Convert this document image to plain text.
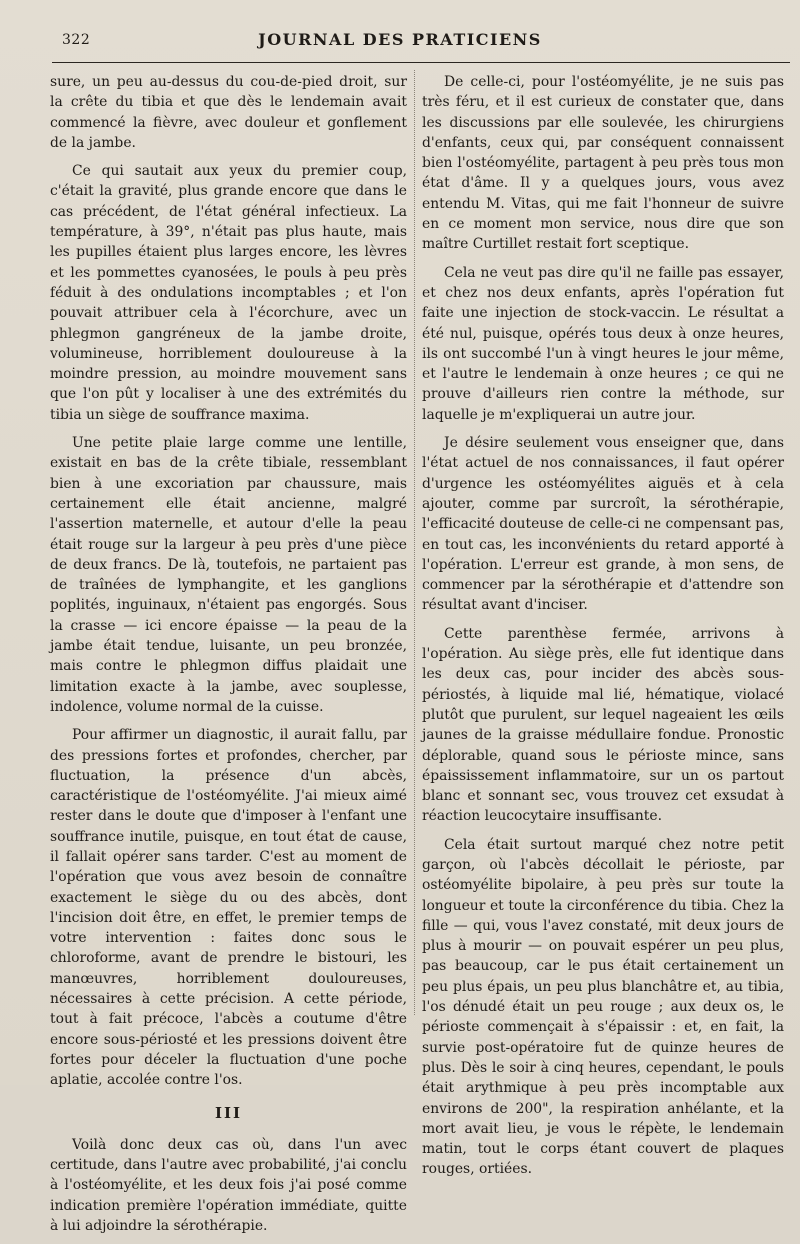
322	JOURNAL DES PRATICIENS

sure, un peu au-dessus du cou-de-pied droit, sur la crête du tibia et que dès le lendemain avait commencé la fièvre, avec douleur et gonflement de la jambe.

Ce qui sautait aux yeux du premier coup, c'était la gravité, plus grande encore que dans le cas précédent, de l'état général infectieux. La température, à 39°, n'était pas plus haute, mais les pupilles étaient plus larges encore, les lèvres et les pommettes cyanosées, le pouls à peu près féduit à des ondulations incomptables ; et l'on pouvait attribuer cela à l'écorchure, avec un phlegmon gangréneux de la jambe droite, volumineuse, horriblement douloureuse à la moindre pression, au moindre mouvement sans que l'on pût y localiser à une des extrémités du tibia un siège de souffrance maxima.

Une petite plaie large comme une lentille, existait en bas de la crête tibiale, ressemblant bien à une excoriation par chaussure, mais certainement elle était ancienne, malgré l'assertion maternelle, et autour d'elle la peau était rouge sur la largeur à peu près d'une pièce de deux francs. De là, toutefois, ne partaient pas de traînées de lymphangite, et les ganglions poplités, inguinaux, n'étaient pas engorgés. Sous la crasse — ici encore épaisse — la peau de la jambe était tendue, luisante, un peu bronzée, mais contre le phlegmon diffus plaidait une limitation exacte à la jambe, avec souplesse, indolence, volume normal de la cuisse.

Pour affirmer un diagnostic, il aurait fallu, par des pressions fortes et profondes, chercher, par fluctuation, la présence d'un abcès, caractéristique de l'ostéomyélite. J'ai mieux aimé rester dans le doute que d'imposer à l'enfant une souffrance inutile, puisque, en tout état de cause, il fallait opérer sans tarder. C'est au moment de l'opération que vous avez besoin de connaître exactement le siège du ou des abcès, dont l'incision doit être, en effet, le premier temps de votre intervention : faites donc sous le chloroforme, avant de prendre le bistouri, les manœuvres, horriblement douloureuses, nécessaires à cette précision. A cette période, tout à fait précoce, l'abcès a coutume d'être encore sous-périosté et les pressions doivent être fortes pour déceler la fluctuation d'une poche aplatie, accolée contre l'os.

III

Voilà donc deux cas où, dans l'un avec certitude, dans l'autre avec probabilité, j'ai conclu à l'ostéomyélite, et les deux fois j'ai posé comme indication première l'opération immédiate, quitte à lui adjoindre la sérothérapie.

De celle-ci, pour l'ostéomyélite, je ne suis pas très féru, et il est curieux de constater que, dans les discussions par elle soulevée, les chirurgiens d'enfants, ceux qui, par conséquent connaissent bien l'ostéomyélite, partagent à peu près tous mon état d'âme. Il y a quelques jours, vous avez entendu M. Vitas, qui me fait l'honneur de suivre en ce moment mon service, nous dire que son maître Curtillet restait fort sceptique.

Cela ne veut pas dire qu'il ne faille pas essayer, et chez nos deux enfants, après l'opération fut faite une injection de stock-vaccin. Le résultat a été nul, puisque, opérés tous deux à onze heures, ils ont succombé l'un à vingt heures le jour même, et l'autre le lendemain à onze heures ; ce qui ne prouve d'ailleurs rien contre la méthode, sur laquelle je m'expliquerai un autre jour.

Je désire seulement vous enseigner que, dans l'état actuel de nos connaissances, il faut opérer d'urgence les ostéomyélites aiguës et à cela ajouter, comme par surcroît, la sérothérapie, l'efficacité douteuse de celle-ci ne compensant pas, en tout cas, les inconvénients du retard apporté à l'opération. L'erreur est grande, à mon sens, de commencer par la sérothérapie et d'attendre son résultat avant d'inciser.

Cette parenthèse fermée, arrivons à l'opération. Au siège près, elle fut identique dans les deux cas, pour incider des abcès sous-périostés, à liquide mal lié, hématique, violacé plutôt que purulent, sur lequel nageaient les œils jaunes de la graisse médullaire fondue. Pronostic déplorable, quand sous le périoste mince, sans épaississement inflammatoire, sur un os partout blanc et sonnant sec, vous trouvez cet exsudat à réaction leucocytaire insuffisante.

Cela était surtout marqué chez notre petit garçon, où l'abcès décollait le périoste, par ostéomyélite bipolaire, à peu près sur toute la longueur et toute la circonférence du tibia. Chez la fille — qui, vous l'avez constaté, mit deux jours de plus à mourir — on pouvait espérer un peu plus, pas beaucoup, car le pus était certainement un peu plus épais, un peu plus blanchâtre et, au tibia, l'os dénudé était un peu rouge ; aux deux os, le périoste commençait à s'épaissir : et, en fait, la survie post-opératoire fut de quinze heures de plus. Dès le soir à cinq heures, cependant, le pouls était arythmique à peu près incomptable aux environs de 200", la respiration anhélante, et la mort avait lieu, je vous le répète, le lendemain matin, tout le corps étant couvert de plaques rouges, ortiées.
